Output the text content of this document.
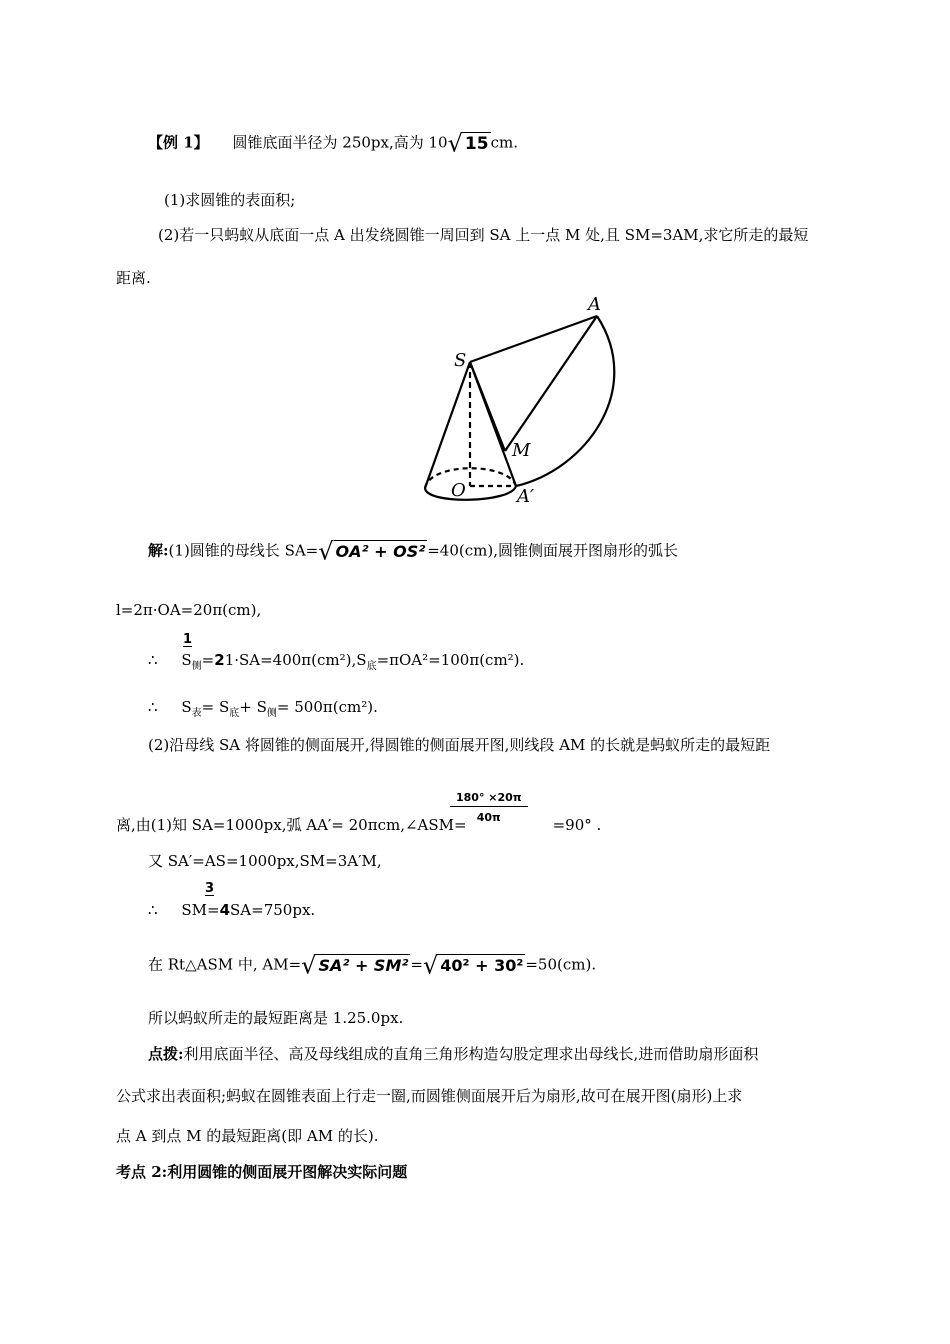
【例 1】 圆锥底面半径为 250px,高为 10√ 15 cm.
(1)求圆锥的表面积;
(2)若一只蚂蚁从底面一点 A 出发绕圆锥一周回到 SA 上一点 M 处,且 SM=3AM,求它所走的最短
距离.
S
A
M
O	A′
解:(1)圆锥的母线长 SA=√ OA² + OS² =40(cm),圆锥侧面展开图扇形的弧长
l=2π·OA=20π(cm),
1
∴ $S_侧=21\cdot SA=400\pi(cm^2),S_底=\pi OA^2=100\pi(cm^2)$.
∴ $S_表= S_底+ S_侧= 500\pi(cm^2)$.
(2)沿母线 SA 将圆锥的侧面展开,得圆锥的侧面展开图,则线段 AM 的长就是蚂蚁所走的最短距
$\frac{180^\circ \times 20\pi}{40\pi}$
离,由(1)知 SA=1000px,弧 AA′= 20πcm,∠ASM=	=90° .
又 SA′=AS=1000px,SM=3A′M,
3
∴ SM=4SA=750px.
在 Rt△ASM 中, AM=√ SA² + SM² =√ 40² + 30² =50(cm).
所以蚂蚁所走的最短距离是 1.25.0px.
点拨:利用底面半径、高及母线组成的直角三角形构造勾股定理求出母线长,进而借助扇形面积
公式求出表面积;蚂蚁在圆锥表面上行走一圈,而圆锥侧面展开后为扇形,故可在展开图(扇形)上求
点 A 到点 M 的最短距离(即 AM 的长).
考点 2:利用圆锥的侧面展开图解决实际问题
